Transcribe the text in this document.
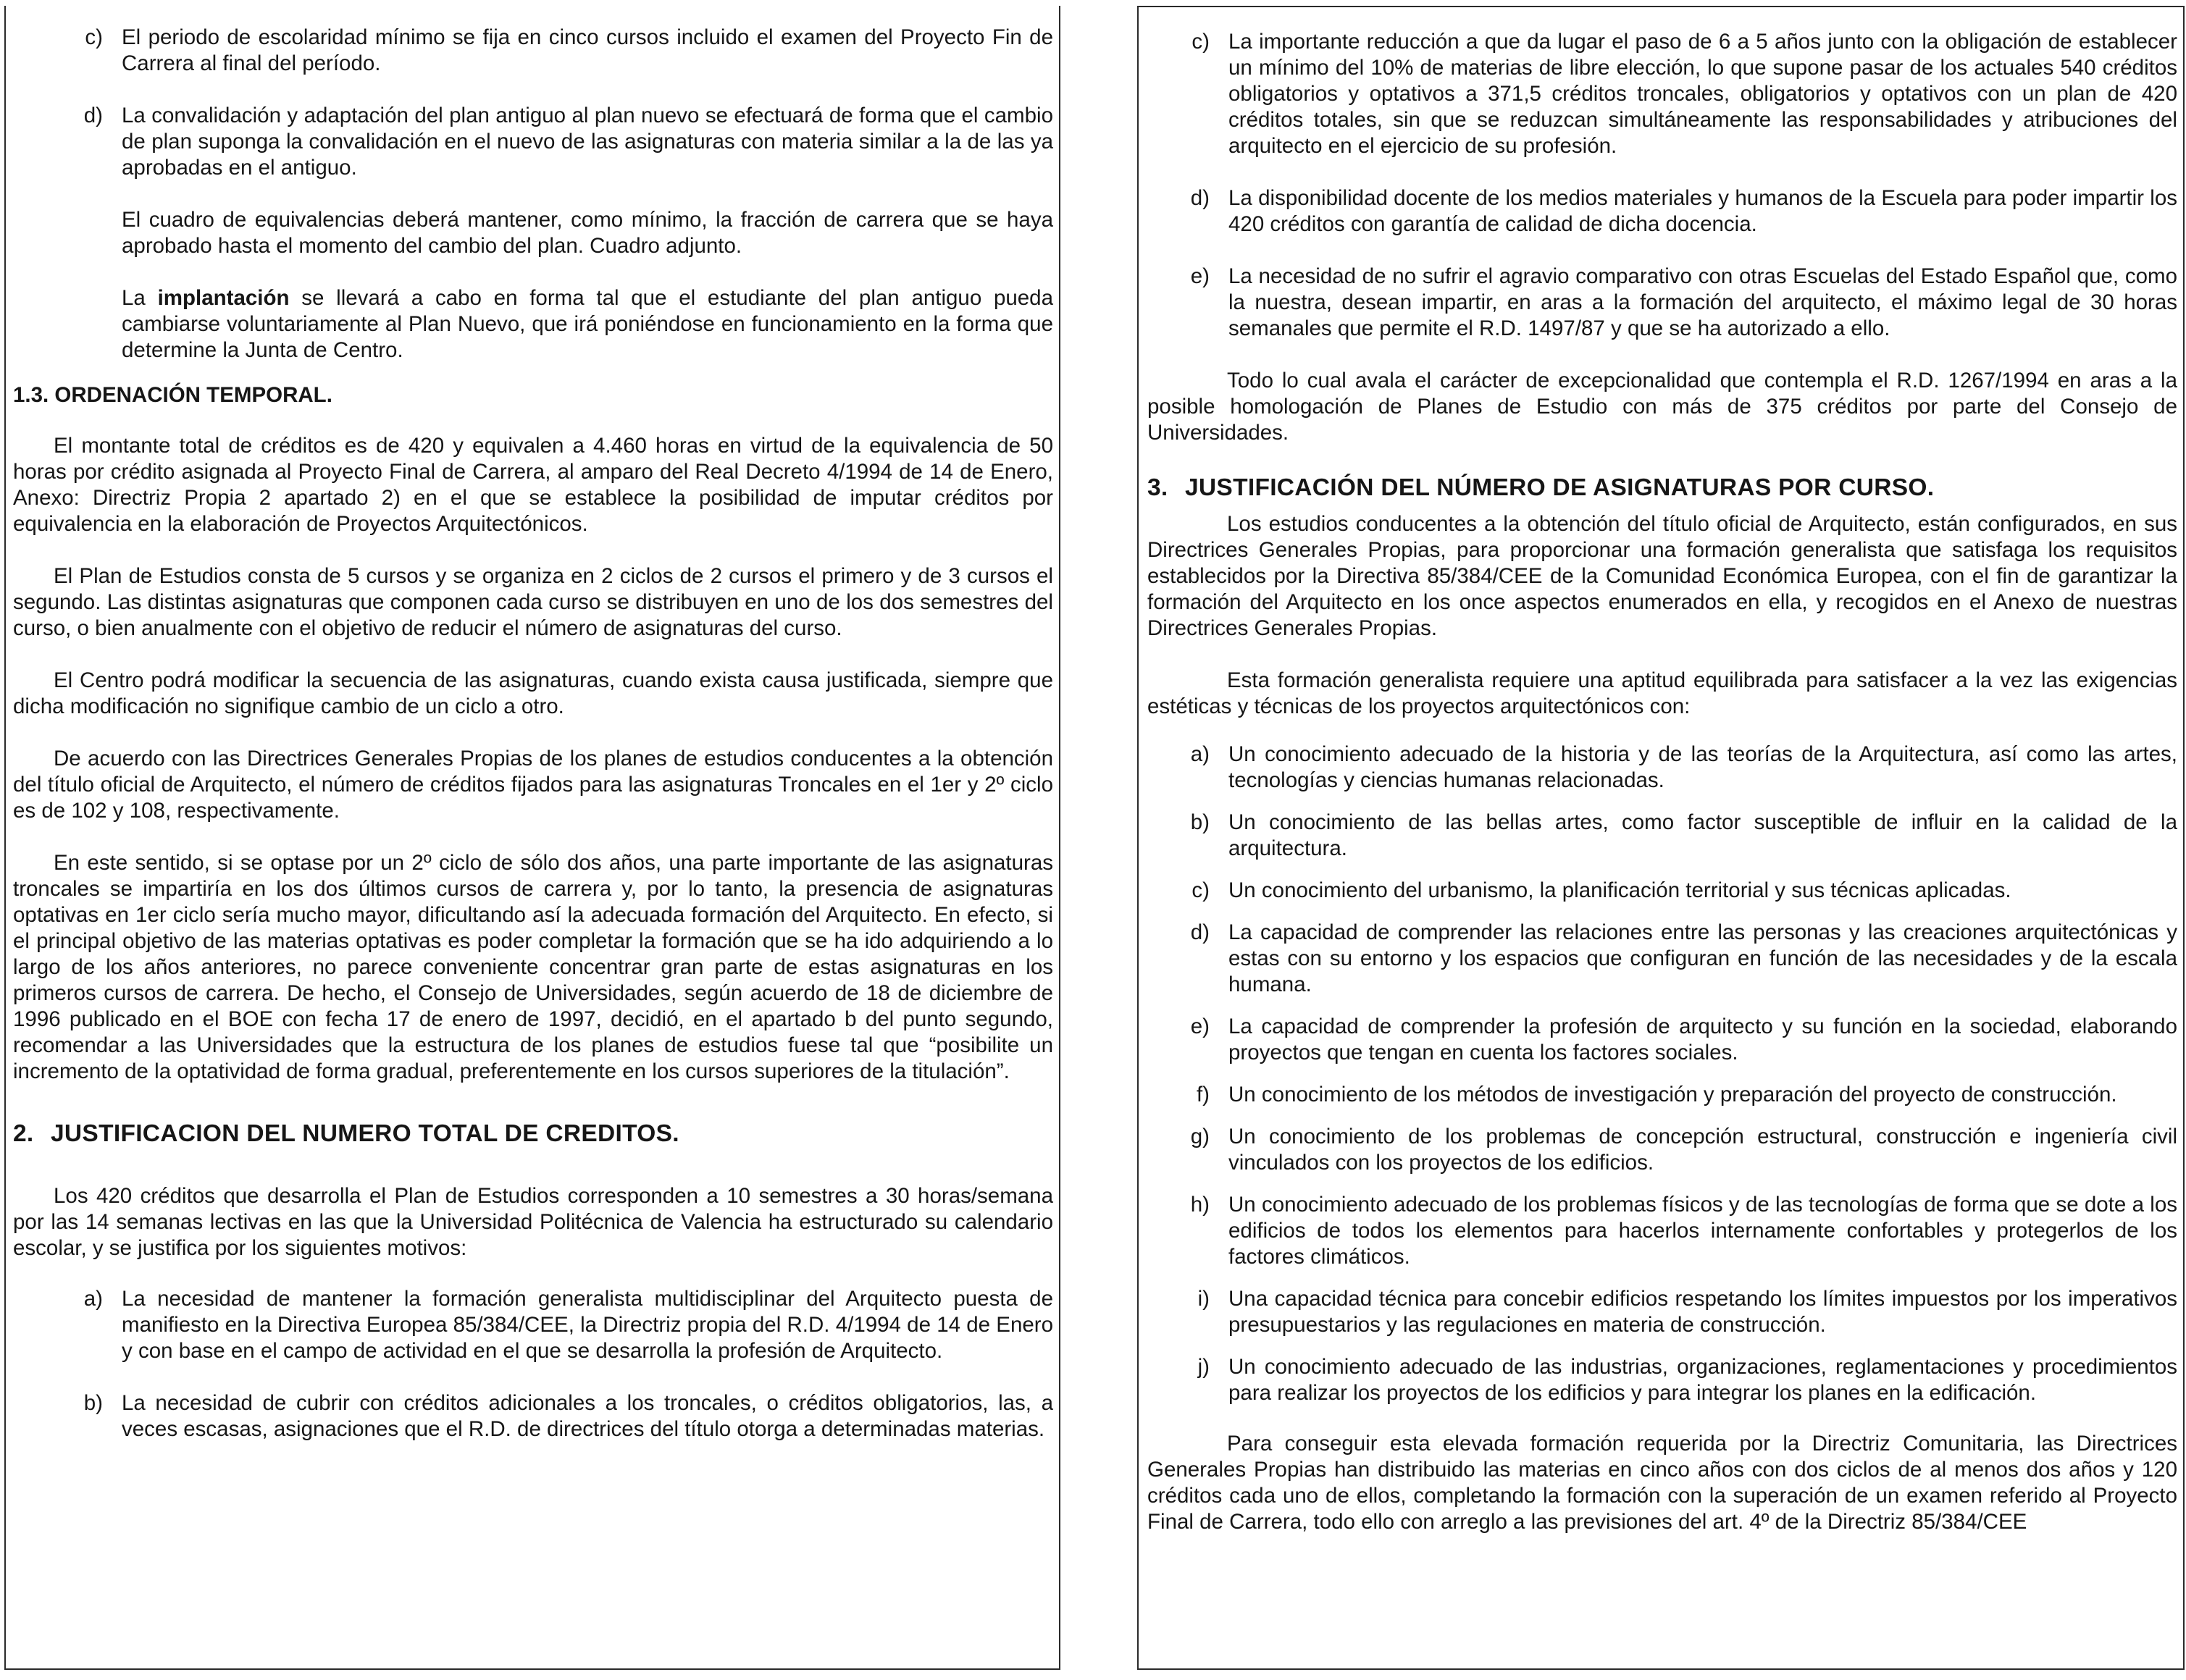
c) El periodo de escolaridad mínimo se fija en cinco cursos incluido el examen del Proyecto Fin de Carrera al final del período.
d) La convalidación y adaptación del plan antiguo al plan nuevo se efectuará de forma que el cambio de plan suponga la convalidación en el nuevo de las asignaturas con materia similar a la de las ya aprobadas en el antiguo.

El cuadro de equivalencias deberá mantener, como mínimo, la fracción de carrera que se haya aprobado hasta el momento del cambio del plan. Cuadro adjunto.

La implantación se llevará a cabo en forma tal que el estudiante del plan antiguo pueda cambiarse voluntariamente al Plan Nuevo, que irá poniéndose en funcionamiento en la forma que determine la Junta de Centro.

1.3. ORDENACIÓN TEMPORAL.

El montante total de créditos es de 420 y equivalen a 4.460 horas en virtud de la equivalencia de 50 horas por crédito asignada al Proyecto Final de Carrera, al amparo del Real Decreto 4/1994 de 14 de Enero, Anexo: Directriz Propia 2 apartado 2) en el que se establece la posibilidad de imputar créditos por equivalencia en la elaboración de Proyectos Arquitectónicos.

El Plan de Estudios consta de 5 cursos y se organiza en 2 ciclos de 2 cursos el primero y de 3 cursos el segundo. Las distintas asignaturas que componen cada curso se distribuyen en uno de los dos semestres del curso, o bien anualmente con el objetivo de reducir el número de asignaturas del curso.

El Centro podrá modificar la secuencia de las asignaturas, cuando exista causa justificada, siempre que dicha modificación no signifique cambio de un ciclo a otro.

De acuerdo con las Directrices Generales Propias de los planes de estudios conducentes a la obtención del título oficial de Arquitecto, el número de créditos fijados para las asignaturas Troncales en el 1er y 2º ciclo es de 102 y 108, respectivamente.

En este sentido, si se optase por un 2º ciclo de sólo dos años, una parte importante de las asignaturas troncales se impartiría en los dos últimos cursos de carrera y, por lo tanto, la presencia de asignaturas optativas en 1er ciclo sería mucho mayor, dificultando así la adecuada formación del Arquitecto. En efecto, si el principal objetivo de las materias optativas es poder completar la formación que se ha ido adquiriendo a lo largo de los años anteriores, no parece conveniente concentrar gran parte de estas asignaturas en los primeros cursos de carrera. De hecho, el Consejo de Universidades, según acuerdo de 18 de diciembre de 1996 publicado en el BOE con fecha 17 de enero de 1997, decidió, en el apartado b del punto segundo, recomendar a las Universidades que la estructura de los planes de estudios fuese tal que “posibilite un incremento de la optatividad de forma gradual, preferentemente en los cursos superiores de la titulación”.

2. JUSTIFICACION DEL NUMERO TOTAL DE CREDITOS.

Los 420 créditos que desarrolla el Plan de Estudios corresponden a 10 semestres a 30 horas/semana por las 14 semanas lectivas en las que la Universidad Politécnica de Valencia ha estructurado su calendario escolar, y se justifica por los siguientes motivos:

a) La necesidad de mantener la formación generalista multidisciplinar del Arquitecto puesta de manifiesto en la Directiva Europea 85/384/CEE, la Directriz propia del R.D. 4/1994 de 14 de Enero y con base en el campo de actividad en el que se desarrolla la profesión de Arquitecto.
b) La necesidad de cubrir con créditos adicionales a los troncales, o créditos obligatorios, las, a veces escasas, asignaciones que el R.D. de directrices del título otorga a determinadas materias.
c) La importante reducción a que da lugar el paso de 6 a 5 años junto con la obligación de establecer un mínimo del 10% de materias de libre elección, lo que supone pasar de los actuales 540 créditos obligatorios y optativos a 371,5 créditos troncales, obligatorios y optativos con un plan de 420 créditos totales, sin que se reduzcan simultáneamente las responsabilidades y atribuciones del arquitecto en el ejercicio de su profesión.
d) La disponibilidad docente de los medios materiales y humanos de la Escuela para poder impartir los 420 créditos con garantía de calidad de dicha docencia.
e) La necesidad de no sufrir el agravio comparativo con otras Escuelas del Estado Español que, como la nuestra, desean impartir, en aras a la formación del arquitecto, el máximo legal de 30 horas semanales que permite el R.D. 1497/87 y que se ha autorizado a ello.

Todo lo cual avala el carácter de excepcionalidad que contempla el R.D. 1267/1994 en aras a la posible homologación de Planes de Estudio con más de 375 créditos por parte del Consejo de Universidades.

3. JUSTIFICACIÓN DEL NÚMERO DE ASIGNATURAS POR CURSO.

Los estudios conducentes a la obtención del título oficial de Arquitecto, están configurados, en sus Directrices Generales Propias, para proporcionar una formación generalista que satisfaga los requisitos establecidos por la Directiva 85/384/CEE de la Comunidad Económica Europea, con el fin de garantizar la formación del Arquitecto en los once aspectos enumerados en ella, y recogidos en el Anexo de nuestras Directrices Generales Propias.

Esta formación generalista requiere una aptitud equilibrada para satisfacer a la vez las exigencias estéticas y técnicas de los proyectos arquitectónicos con:

a) Un conocimiento adecuado de la historia y de las teorías de la Arquitectura, así como las artes, tecnologías y ciencias humanas relacionadas.
b) Un conocimiento de las bellas artes, como factor susceptible de influir en la calidad de la arquitectura.
c) Un conocimiento del urbanismo, la planificación territorial y sus técnicas aplicadas.
d) La capacidad de comprender las relaciones entre las personas y las creaciones arquitectónicas y estas con su entorno y los espacios que configuran en función de las necesidades y de la escala humana.
e) La capacidad de comprender la profesión de arquitecto y su función en la sociedad, elaborando proyectos que tengan en cuenta los factores sociales.
f) Un conocimiento de los métodos de investigación y preparación del proyecto de construcción.
g) Un conocimiento de los problemas de concepción estructural, construcción e ingeniería civil vinculados con los proyectos de los edificios.
h) Un conocimiento adecuado de los problemas físicos y de las tecnologías de forma que se dote a los edificios de todos los elementos para hacerlos internamente confortables y protegerlos de los factores climáticos.
i) Una capacidad técnica para concebir edificios respetando los límites impuestos por los imperativos presupuestarios y las regulaciones en materia de construcción.
j) Un conocimiento adecuado de las industrias, organizaciones, reglamentaciones y procedimientos para realizar los proyectos de los edificios y para integrar los planes en la edificación.

Para conseguir esta elevada formación requerida por la Directriz Comunitaria, las Directrices Generales Propias han distribuido las materias en cinco años con dos ciclos de al menos dos años y 120 créditos cada uno de ellos, completando la formación con la superación de un examen referido al Proyecto Final de Carrera, todo ello con arreglo a las previsiones del art. 4º de la Directriz 85/384/CEE
